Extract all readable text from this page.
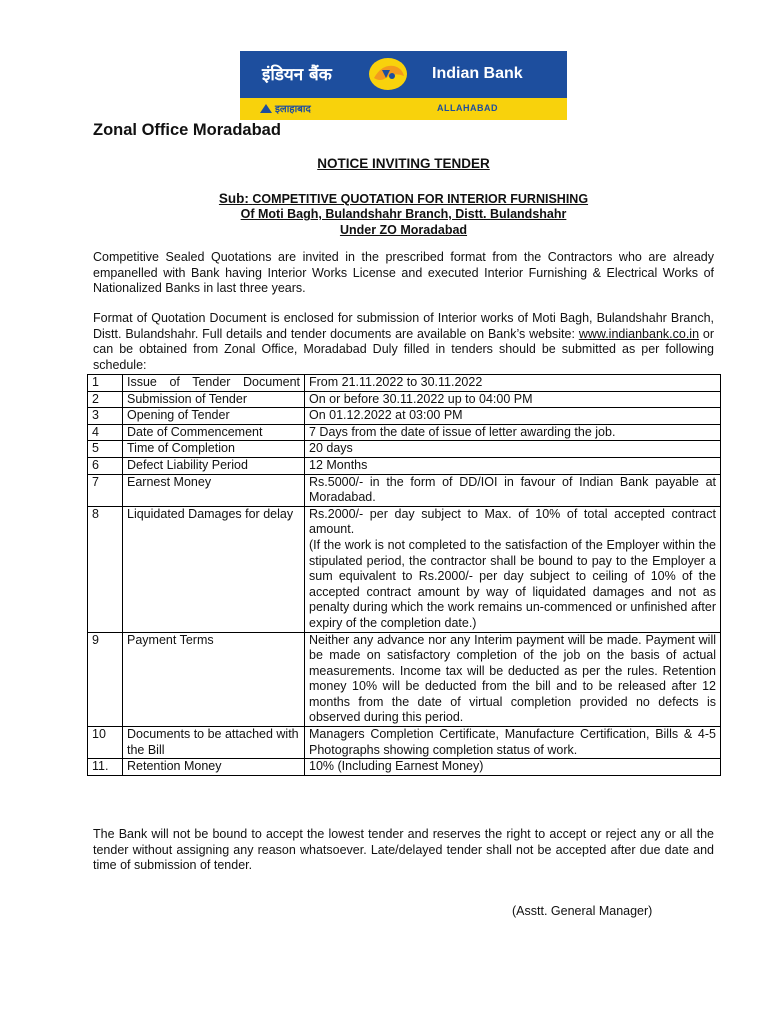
इंडियन बैंक	Indian Bank
इलाहाबाद	ALLAHABAD
Zonal Office Moradabad
NOTICE INVITING TENDER
Sub: COMPETITIVE QUOTATION FOR INTERIOR FURNISHING
Of Moti Bagh, Bulandshahr Branch, Distt. Bulandshahr
Under ZO Moradabad
Competitive Sealed Quotations are invited in the prescribed format from the Contractors who are already empanelled with Bank having Interior Works License and executed Interior Furnishing & Electrical Works of Nationalized Banks in last three years.
Format of Quotation Document is enclosed for submission of Interior works of Moti Bagh, Bulandshahr Branch, Distt. Bulandshahr. Full details and tender documents are available on Bank’s website: www.indianbank.co.in or can be obtained from Zonal Office, Moradabad Duly filled in tenders should be submitted as per following schedule:
1	Issue of Tender Document	From 21.11.2022 to 30.11.2022
2	Submission of Tender	On or before 30.11.2022 up to 04:00 PM
3	Opening of Tender	On 01.12.2022 at 03:00 PM
4	Date of Commencement	7 Days from the date of issue of letter awarding the job.
5	Time of Completion	20 days
6	Defect Liability Period	12 Months
7	Earnest Money	Rs.5000/- in the form of DD/IOI in favour of Indian Bank payable at Moradabad.
8	Liquidated Damages for delay	Rs.2000/- per day subject to Max. of 10% of total accepted contract amount.
(If the work is not completed to the satisfaction of the Employer within the stipulated period, the contractor shall be bound to pay to the Employer a sum equivalent to Rs.2000/- per day subject to ceiling of 10% of the accepted contract amount by way of liquidated damages and not as penalty during which the work remains un-commenced or unfinished after expiry of the completion date.)

9	Payment Terms	Neither any advance nor any Interim payment will be made. Payment will be made on satisfactory completion of the job on the basis of actual measurements. Income tax will be deducted as per the rules. Retention money 10% will be deducted from the bill and to be released after 12 months from the date of virtual completion provided no defects is observed during this period.
10	Documents to be attached with the Bill	Managers Completion Certificate, Manufacture Certification, Bills & 4-5 Photographs showing completion status of work.
11.	Retention Money	10% (Including Earnest Money)
The Bank will not be bound to accept the lowest tender and reserves the right to accept or reject any or all the tender without assigning any reason whatsoever. Late/delayed tender shall not be accepted after due date and time of submission of tender.
(Asstt. General Manager)
